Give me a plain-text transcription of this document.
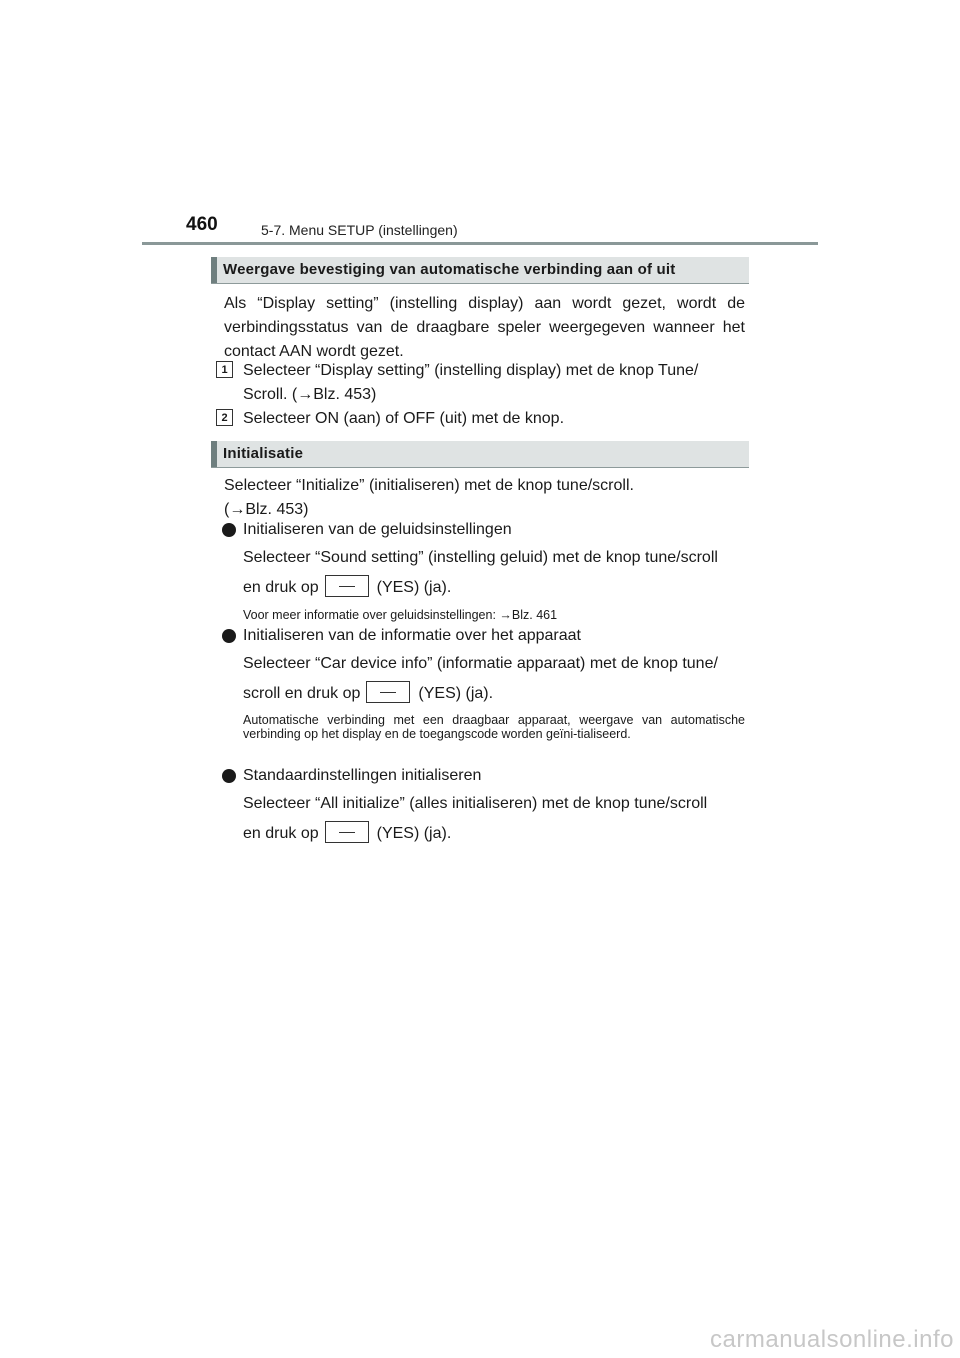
460	5-7. Menu SETUP (instellingen)
Weergave bevestiging van automatische verbinding aan of uit
Als “Display setting” (instelling display) aan wordt gezet, wordt de verbindingsstatus van de draagbare speler weergegeven wanneer het contact AAN wordt gezet.
1 Selecteer “Display setting” (instelling display) met de knop Tune/
Scroll. (→Blz. 453)
2 Selecteer ON (aan) of OFF (uit) met de knop.
Initialisatie
Selecteer “Initialize” (initialiseren) met de knop tune/scroll.
(→Blz. 453)
Initialiseren van de geluidsinstellingen
Selecteer “Sound setting” (instelling geluid) met de knop tune/scroll
en druk op	(YES) (ja).
Voor meer informatie over geluidsinstellingen: →Blz. 461
Initialiseren van de informatie over het apparaat
Selecteer “Car device info” (informatie apparaat) met de knop tune/
scroll en druk op	(YES) (ja).
Automatische verbinding met een draagbaar apparaat, weergave van automatische verbinding op het display en de toegangscode worden geïni-tialiseerd.
Standaardinstellingen initialiseren
Selecteer “All initialize” (alles initialiseren) met de knop tune/scroll
en druk op	(YES) (ja).
carmanualsonline.info
